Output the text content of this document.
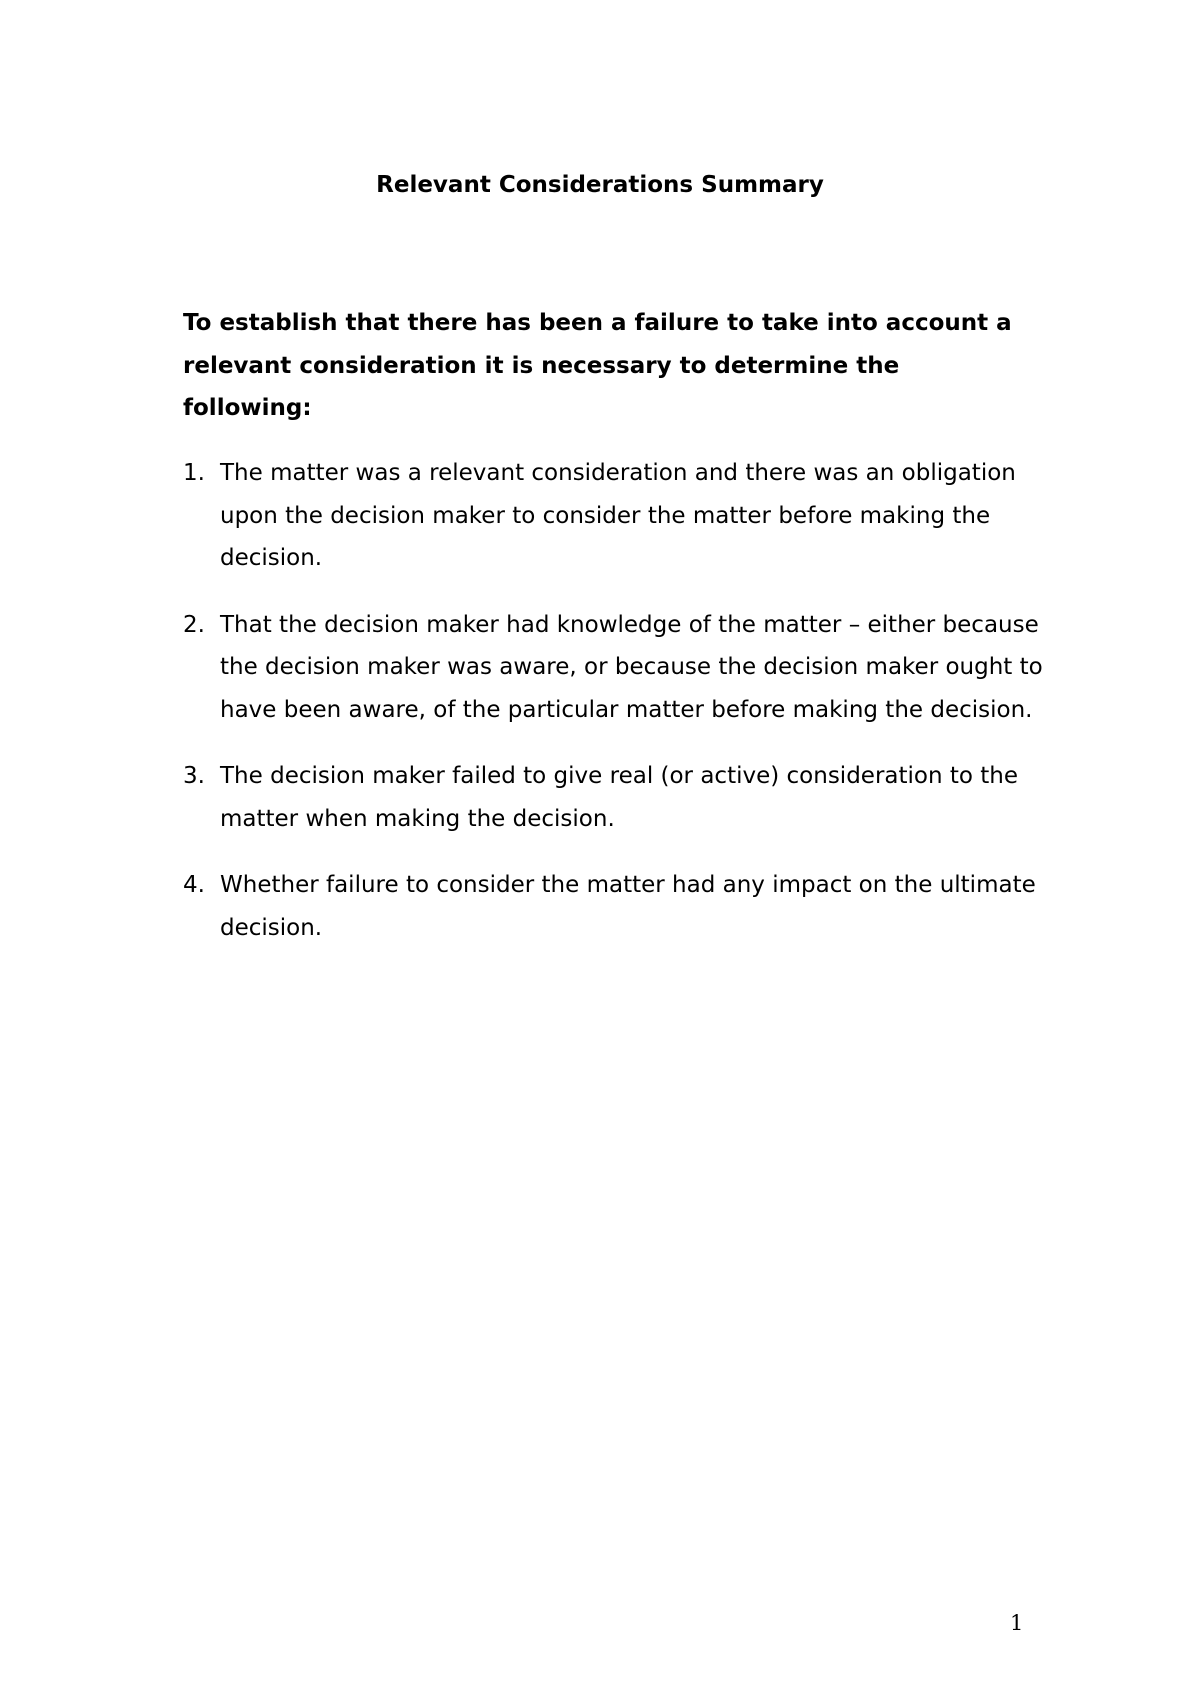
Relevant Considerations Summary
To establish that there has been a failure to take into account a relevant consideration it is necessary to determine the following:
1. The matter was a relevant consideration and there was an obligation upon the decision maker to consider the matter before making the decision.
2. That the decision maker had knowledge of the matter – either because the decision maker was aware, or because the decision maker ought to have been aware, of the particular matter before making the decision.
3. The decision maker failed to give real (or active) consideration to the matter when making the decision.
4. Whether failure to consider the matter had any impact on the ultimate decision.
1
